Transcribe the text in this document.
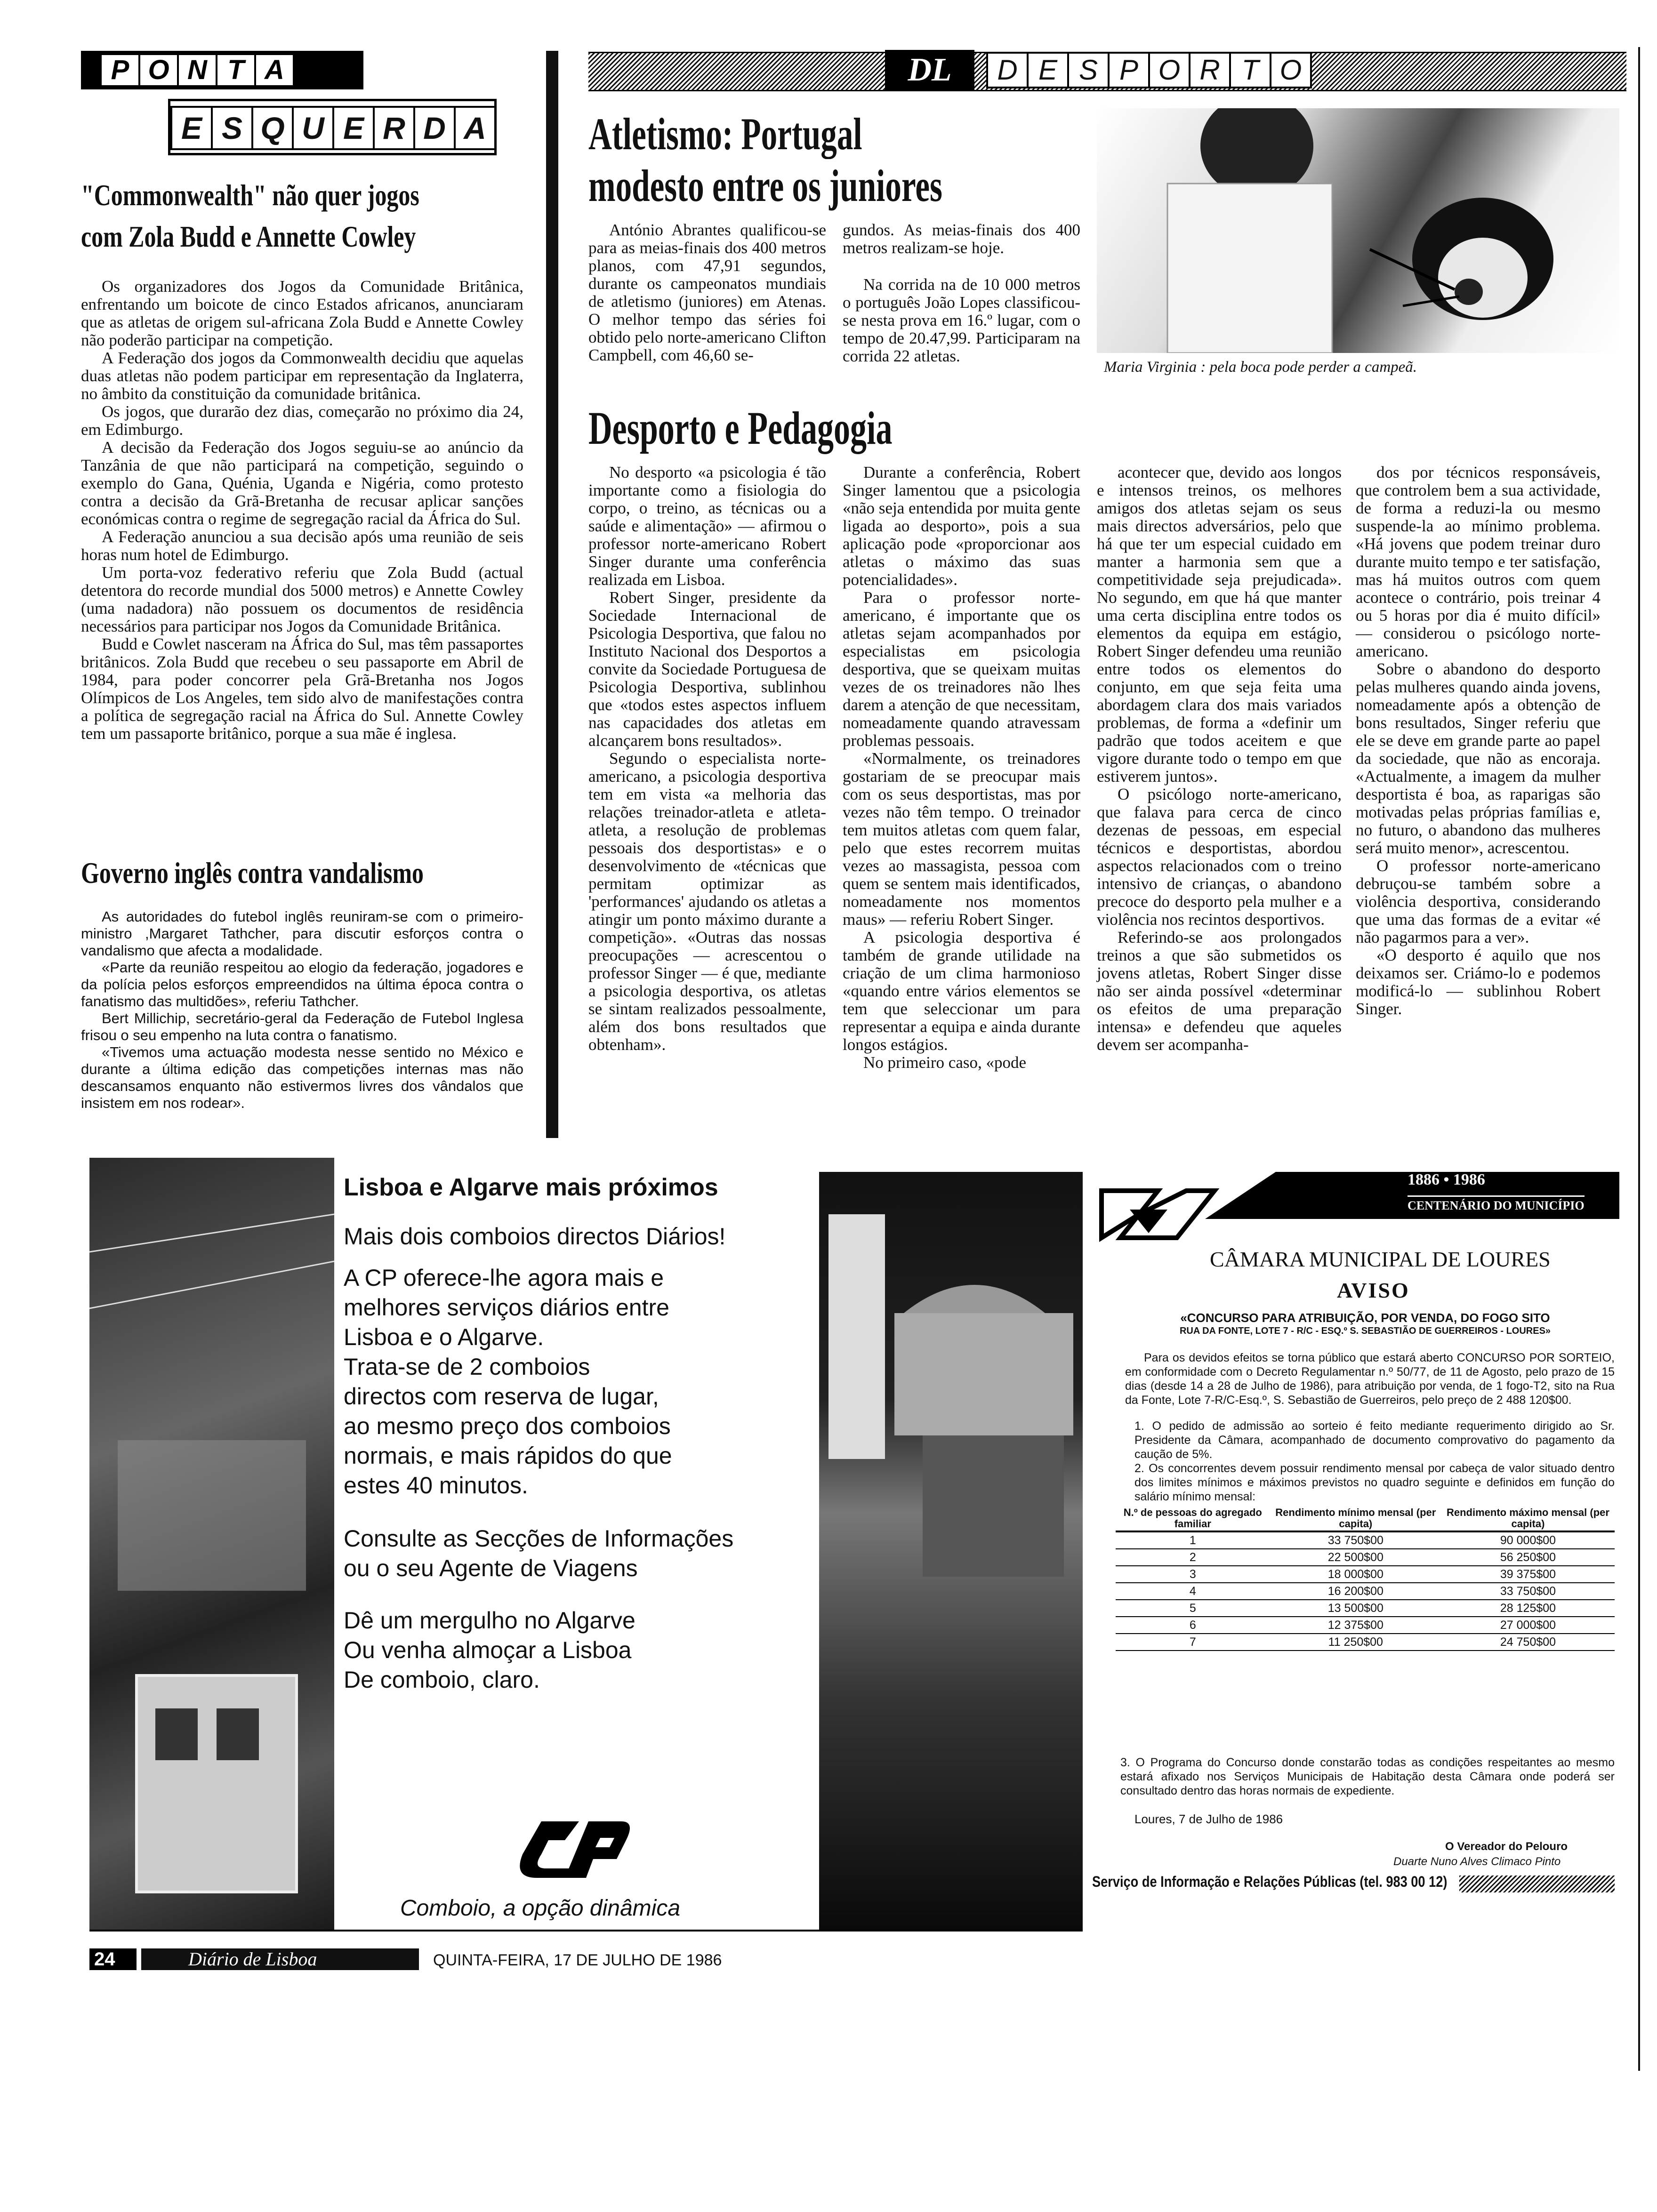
P O N T A
E S Q U E R D A
"Commonwealth" não quer jogos
com Zola Budd e Annette Cowley

Os organizadores dos Jogos da Comunidade Britânica, enfrentando um boicote de cinco Estados africanos, anunciaram que as atletas de origem sul-africana Zola Budd e Annette Cowley não poderão participar na competição.

A Federação dos jogos da Commonwealth decidiu que aquelas duas atletas não podem participar em representação da Inglaterra, no âmbito da constituição da comunidade britânica.

Os jogos, que durarão dez dias, começarão no próximo dia 24, em Edimburgo.

A decisão da Federação dos Jogos seguiu-se ao anúncio da Tanzânia de que não participará na competição, seguindo o exemplo do Gana, Quénia, Uganda e Nigéria, como protesto contra a decisão da Grã-Bretanha de recusar aplicar sanções económicas contra o regime de segregação racial da África do Sul.

A Federação anunciou a sua decisão após uma reunião de seis horas num hotel de Edimburgo.

Um porta-voz federativo referiu que Zola Budd (actual detentora do recorde mundial dos 5000 metros) e Annette Cowley (uma nadadora) não possuem os documentos de residência necessários para participar nos Jogos da Comunidade Britânica.

Budd e Cowlet nasceram na África do Sul, mas têm passaportes britânicos. Zola Budd que recebeu o seu passaporte em Abril de 1984, para poder concorrer pela Grã-Bretanha nos Jogos Olímpicos de Los Angeles, tem sido alvo de manifestações contra a política de segregação racial na África do Sul. Annette Cowley tem um passaporte britânico, porque a sua mãe é inglesa.

Governo inglês contra vandalismo

As autoridades do futebol inglês reuniram-se com o primeiro-ministro ,Margaret Tathcher, para discutir esforços contra o vandalismo que afecta a modalidade.

«Parte da reunião respeitou ao elogio da federação, jogadores e da polícia pelos esforços empreendidos na última época contra o fanatismo das multidões», referiu Tathcher.

Bert Millichip, secretário-geral da Federação de Futebol Inglesa frisou o seu empenho na luta contra o fanatismo.

«Tivemos uma actuação modesta nesse sentido no México e durante a última edição das competições internas mas não descansamos enquanto não estivermos livres dos vândalos que insistem em nos rodear».

DL	D E S P O R T O
Atletismo: Portugal
modesto entre os juniores

António Abrantes qualificou-se para as meias-finais dos 400 metros planos, com 47,91 segundos, durante os campeonatos mundiais de atletismo (juniores) em Atenas. O melhor tempo das séries foi obtido pelo norte-americano Clifton Campbell, com 46,60 se-

gundos. As meias-finais dos 400 metros realizam-se hoje.

Na corrida na de 10 000 metros o português João Lopes classificou-se nesta prova em 16.º lugar, com o tempo de 20.47,99. Participaram na corrida 22 atletas.

Maria Virginia : pela boca pode perder a campeã.
Desporto e Pedagogia

No desporto «a psicologia é tão importante como a fisiologia do corpo, o treino, as técnicas ou a saúde e alimentação» — afirmou o professor norte-americano Robert Singer durante uma conferência realizada em Lisboa.

Robert Singer, presidente da Sociedade Internacional de Psicologia Desportiva, que falou no Instituto Nacional dos Desportos a convite da Sociedade Portuguesa de Psicologia Desportiva, sublinhou que «todos estes aspectos influem nas capacidades dos atletas em alcançarem bons resultados».

Segundo o especialista norte-americano, a psicologia desportiva tem em vista «a melhoria das relações treinador-atleta e atleta-atleta, a resolução de problemas pessoais dos desportistas» e o desenvolvimento de «técnicas que permitam optimizar as 'performances' ajudando os atletas a atingir um ponto máximo durante a competição». «Outras das nossas preocupações — acrescentou o professor Singer — é que, mediante a psicologia desportiva, os atletas se sintam realizados pessoalmente, além dos bons resultados que obtenham».

Durante a conferência, Robert Singer lamentou que a psicologia «não seja entendida por muita gente ligada ao desporto», pois a sua aplicação pode «proporcionar aos atletas o máximo das suas potencialidades».

Para o professor norte-americano, é importante que os atletas sejam acompanhados por especialistas em psicologia desportiva, que se queixam muitas vezes de os treinadores não lhes darem a atenção de que necessitam, nomeadamente quando atravessam problemas pessoais.

«Normalmente, os treinadores gostariam de se preocupar mais com os seus desportistas, mas por vezes não têm tempo. O treinador tem muitos atletas com quem falar, pelo que estes recorrem muitas vezes ao massagista, pessoa com quem se sentem mais identificados, nomeadamente nos momentos maus» — referiu Robert Singer.

A psicologia desportiva é também de grande utilidade na criação de um clima harmonioso «quando entre vários elementos se tem que seleccionar um para representar a equipa e ainda durante longos estágios.

No primeiro caso, «pode

acontecer que, devido aos longos e intensos treinos, os melhores amigos dos atletas sejam os seus mais directos adversários, pelo que há que ter um especial cuidado em manter a harmonia sem que a competitividade seja prejudicada». No segundo, em que há que manter uma certa disciplina entre todos os elementos da equipa em estágio, Robert Singer defendeu uma reunião entre todos os elementos do conjunto, em que seja feita uma abordagem clara dos mais variados problemas, de forma a «definir um padrão que todos aceitem e que vigore durante todo o tempo em que estiverem juntos».

O psicólogo norte-americano, que falava para cerca de cinco dezenas de pessoas, em especial técnicos e desportistas, abordou aspectos relacionados com o treino intensivo de crianças, o abandono precoce do desporto pela mulher e a violência nos recintos desportivos.

Referindo-se aos prolongados treinos a que são submetidos os jovens atletas, Robert Singer disse não ser ainda possível «determinar os efeitos de uma preparação intensa» e defendeu que aqueles devem ser acompanha-

dos por técnicos responsáveis, que controlem bem a sua actividade, de forma a reduzi-la ou mesmo suspende-la ao mínimo problema. «Há jovens que podem treinar duro durante muito tempo e ter satisfação, mas há muitos outros com quem acontece o contrário, pois treinar 4 ou 5 horas por dia é muito difícil» — considerou o psicólogo norte-americano.

Sobre o abandono do desporto pelas mulheres quando ainda jovens, nomeadamente após a obtenção de bons resultados, Singer referiu que ele se deve em grande parte ao papel da sociedade, que não as encoraja. «Actualmente, a imagem da mulher desportista é boa, as raparigas são motivadas pelas próprias famílias e, no futuro, o abandono das mulheres será muito menor», acrescentou.

O professor norte-americano debruçou-se também sobre a violência desportiva, considerando que uma das formas de a evitar «é não pagarmos para a ver».

«O desporto é aquilo que nos deixamos ser. Criámo-lo e podemos modificá-lo — sublinhou Robert Singer.

Lisboa e Algarve mais próximos
Mais dois comboios directos Diários!
A CP oferece-lhe agora mais e
melhores serviços diários entre
Lisboa e o Algarve.
Trata-se de 2 comboios
directos com reserva de lugar,
ao mesmo preço dos comboios
normais, e mais rápidos do que
estes 40 minutos.
Consulte as Secções de Informações
ou o seu Agente de Viagens
Dê um mergulho no Algarve
Ou venha almoçar a Lisboa
De comboio, claro.
Comboio, a opção dinâmica
1886 • 1986
CENTENÁRIO DO MUNICÍPIO
CÂMARA MUNICIPAL DE LOURES
AVISO
«CONCURSO PARA ATRIBUIÇÃO, POR VENDA, DO FOGO SITO
RUA DA FONTE, LOTE 7 - R/C - ESQ.º S. SEBASTIÃO DE GUERREIROS - LOURES»
Para os devidos efeitos se torna público que estará aberto CONCURSO POR SORTEIO, em conformidade com o Decreto Regulamentar n.º 50/77, de 11 de Agosto, pelo prazo de 15 dias (desde 14 a 28 de Julho de 1986), para atribuição por venda, de 1 fogo-T2, sito na Rua da Fonte, Lote 7-R/C-Esq.º, S. Sebastião de Guerreiros, pelo preço de 2 488 120$00.
1. O pedido de admissão ao sorteio é feito mediante requerimento dirigido ao Sr. Presidente da Câmara, acompanhado de documento comprovativo do pagamento da caução de 5%.
2. Os concorrentes devem possuir rendimento mensal por cabeça de valor situado dentro dos limites mínimos e máximos previstos no quadro seguinte e definidos em função do salário mínimo mensal:
N.º de pessoas do agregado familiar	Rendimento mínimo mensal (per capita)	Rendimento máximo mensal (per capita)
1	33 750$00	90 000$00
2	22 500$00	56 250$00
3	18 000$00	39 375$00
4	16 200$00	33 750$00
5	13 500$00	28 125$00
6	12 375$00	27 000$00
7	11 250$00	24 750$00
3. O Programa do Concurso donde constarão todas as condições respeitantes ao mesmo estará afixado nos Serviços Municipais de Habitação desta Câmara onde poderá ser consultado dentro das horas normais de expediente.
Loures, 7 de Julho de 1986
O Vereador do Pelouro
Duarte Nuno Alves Climaco Pinto
Serviço de Informação e Relações Públicas (tel. 983 00 12)
24	Diário de Lisboa	QUINTA-FEIRA, 17 DE JULHO DE 1986
